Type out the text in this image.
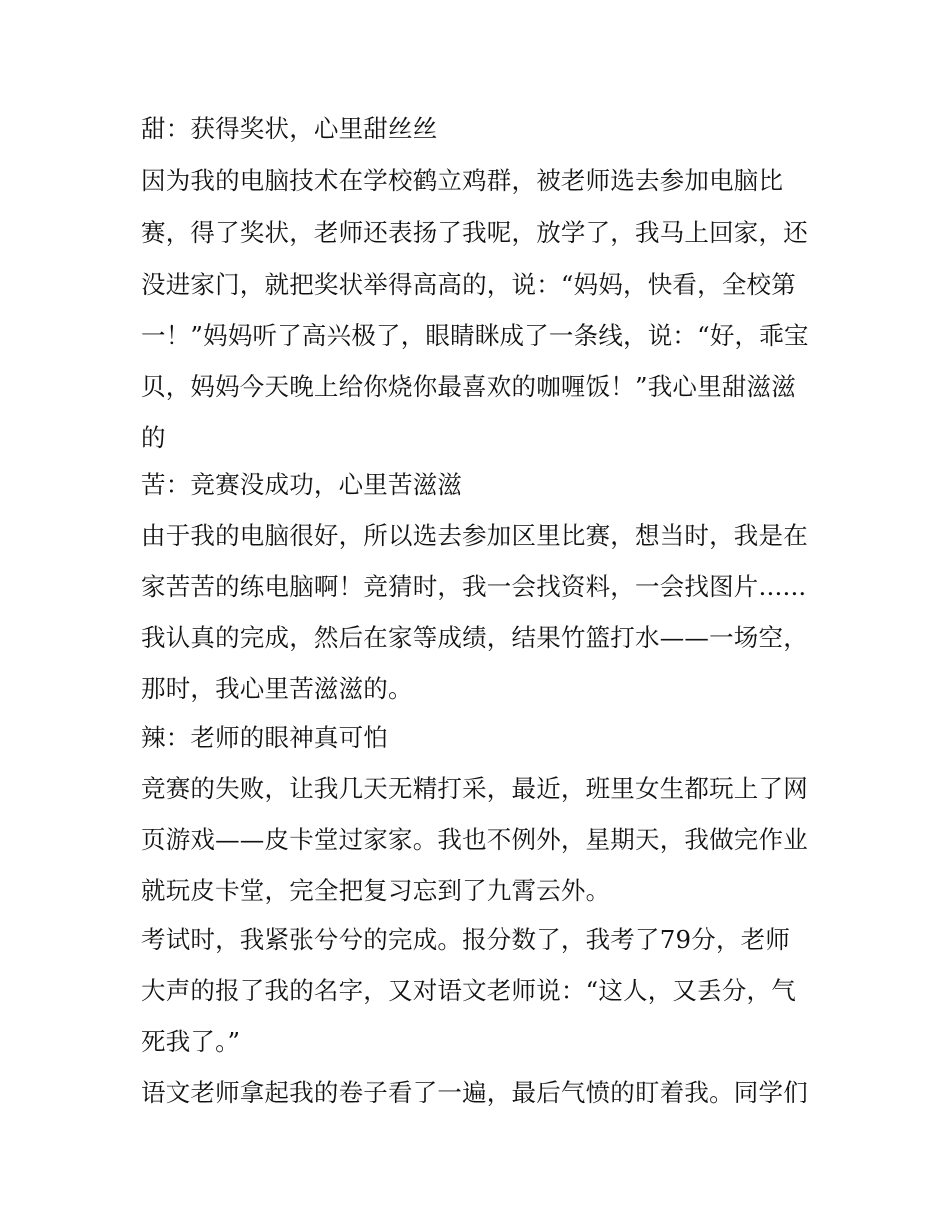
甜：获得奖状，心里甜丝丝
因为我的电脑技术在学校鹤立鸡群，被老师选去参加电脑比
赛，得了奖状，老师还表扬了我呢，放学了，我马上回家，还
没进家门，就把奖状举得高高的，说：“妈妈，快看，全校第
一！”妈妈听了高兴极了，眼睛眯成了一条线，说：“好，乖宝
贝，妈妈今天晚上给你烧你最喜欢的咖喱饭！”我心里甜滋滋
的
苦：竞赛没成功，心里苦滋滋
由于我的电脑很好，所以选去参加区里比赛，想当时，我是在
家苦苦的练电脑啊！竞猜时，我一会找资料，一会找图片......
我认真的完成，然后在家等成绩，结果竹篮打水——一场空，
那时，我心里苦滋滋的。
辣：老师的眼神真可怕
竞赛的失败，让我几天无精打采，最近，班里女生都玩上了网
页游戏——皮卡堂过家家。我也不例外，星期天，我做完作业
就玩皮卡堂，完全把复习忘到了九霄云外。
考试时，我紧张兮兮的完成。报分数了，我考了79分，老师
大声的报了我的名字，又对语文老师说：“这人，又丢分，气
死我了。”
语文老师拿起我的卷子看了一遍，最后气愤的盯着我。同学们
